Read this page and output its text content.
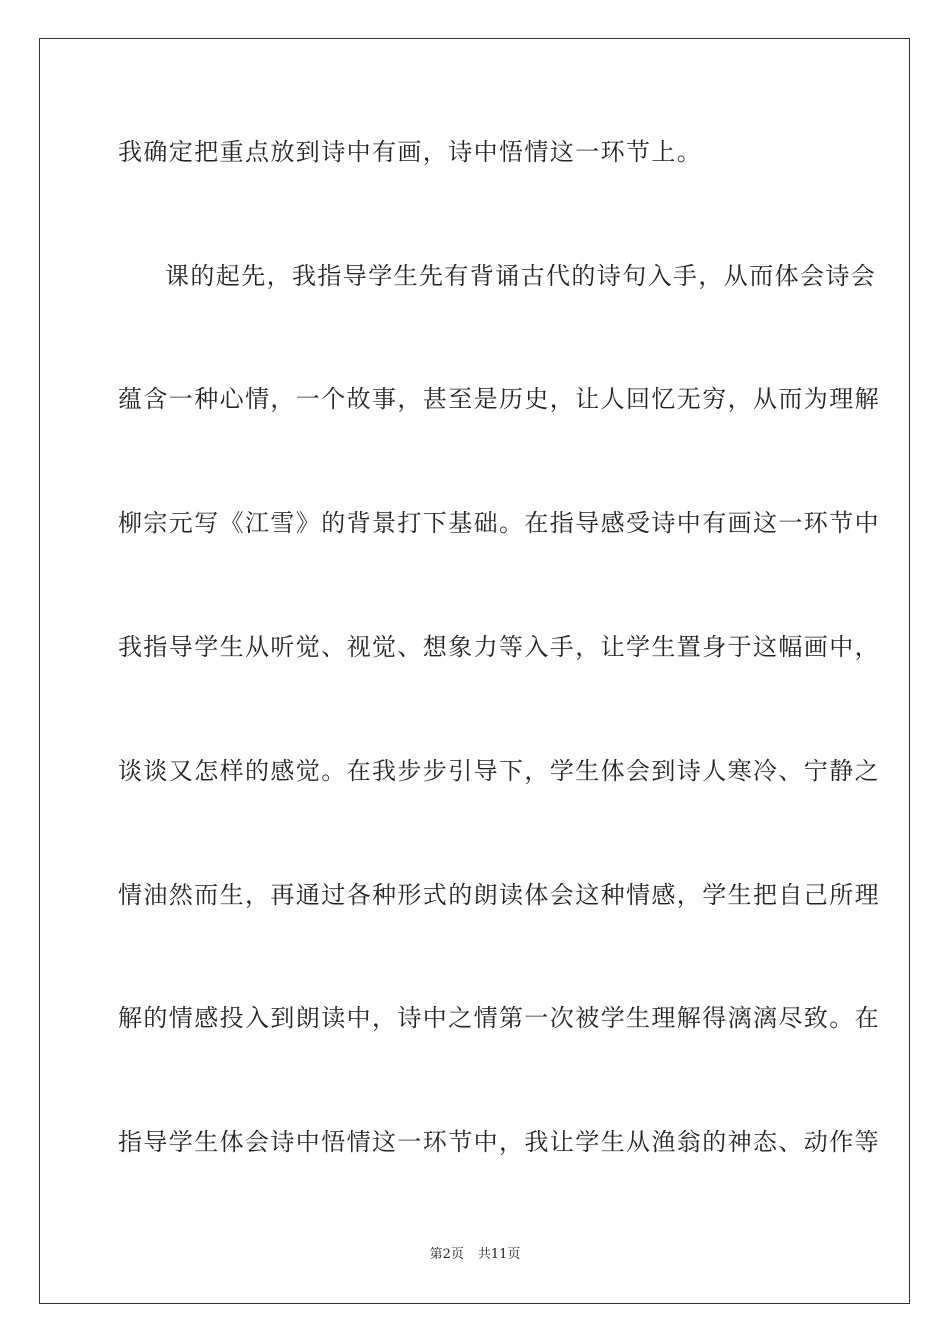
我确定把重点放到诗中有画，诗中悟情这一环节上。

课的起先，我指导学生先有背诵古代的诗句入手，从而体会诗会

蕴含一种心情，一个故事，甚至是历史，让人回忆无穷，从而为理解

柳宗元写《江雪》的背景打下基础。在指导感受诗中有画这一环节中

我指导学生从听觉、视觉、想象力等入手，让学生置身于这幅画中，

谈谈又怎样的感觉。在我步步引导下，学生体会到诗人寒冷、宁静之

情油然而生，再通过各种形式的朗读体会这种情感，学生把自己所理

解的情感投入到朗读中，诗中之情第一次被学生理解得漓漓尽致。在

指导学生体会诗中悟情这一环节中，我让学生从渔翁的神态、动作等

第2页 共11页
